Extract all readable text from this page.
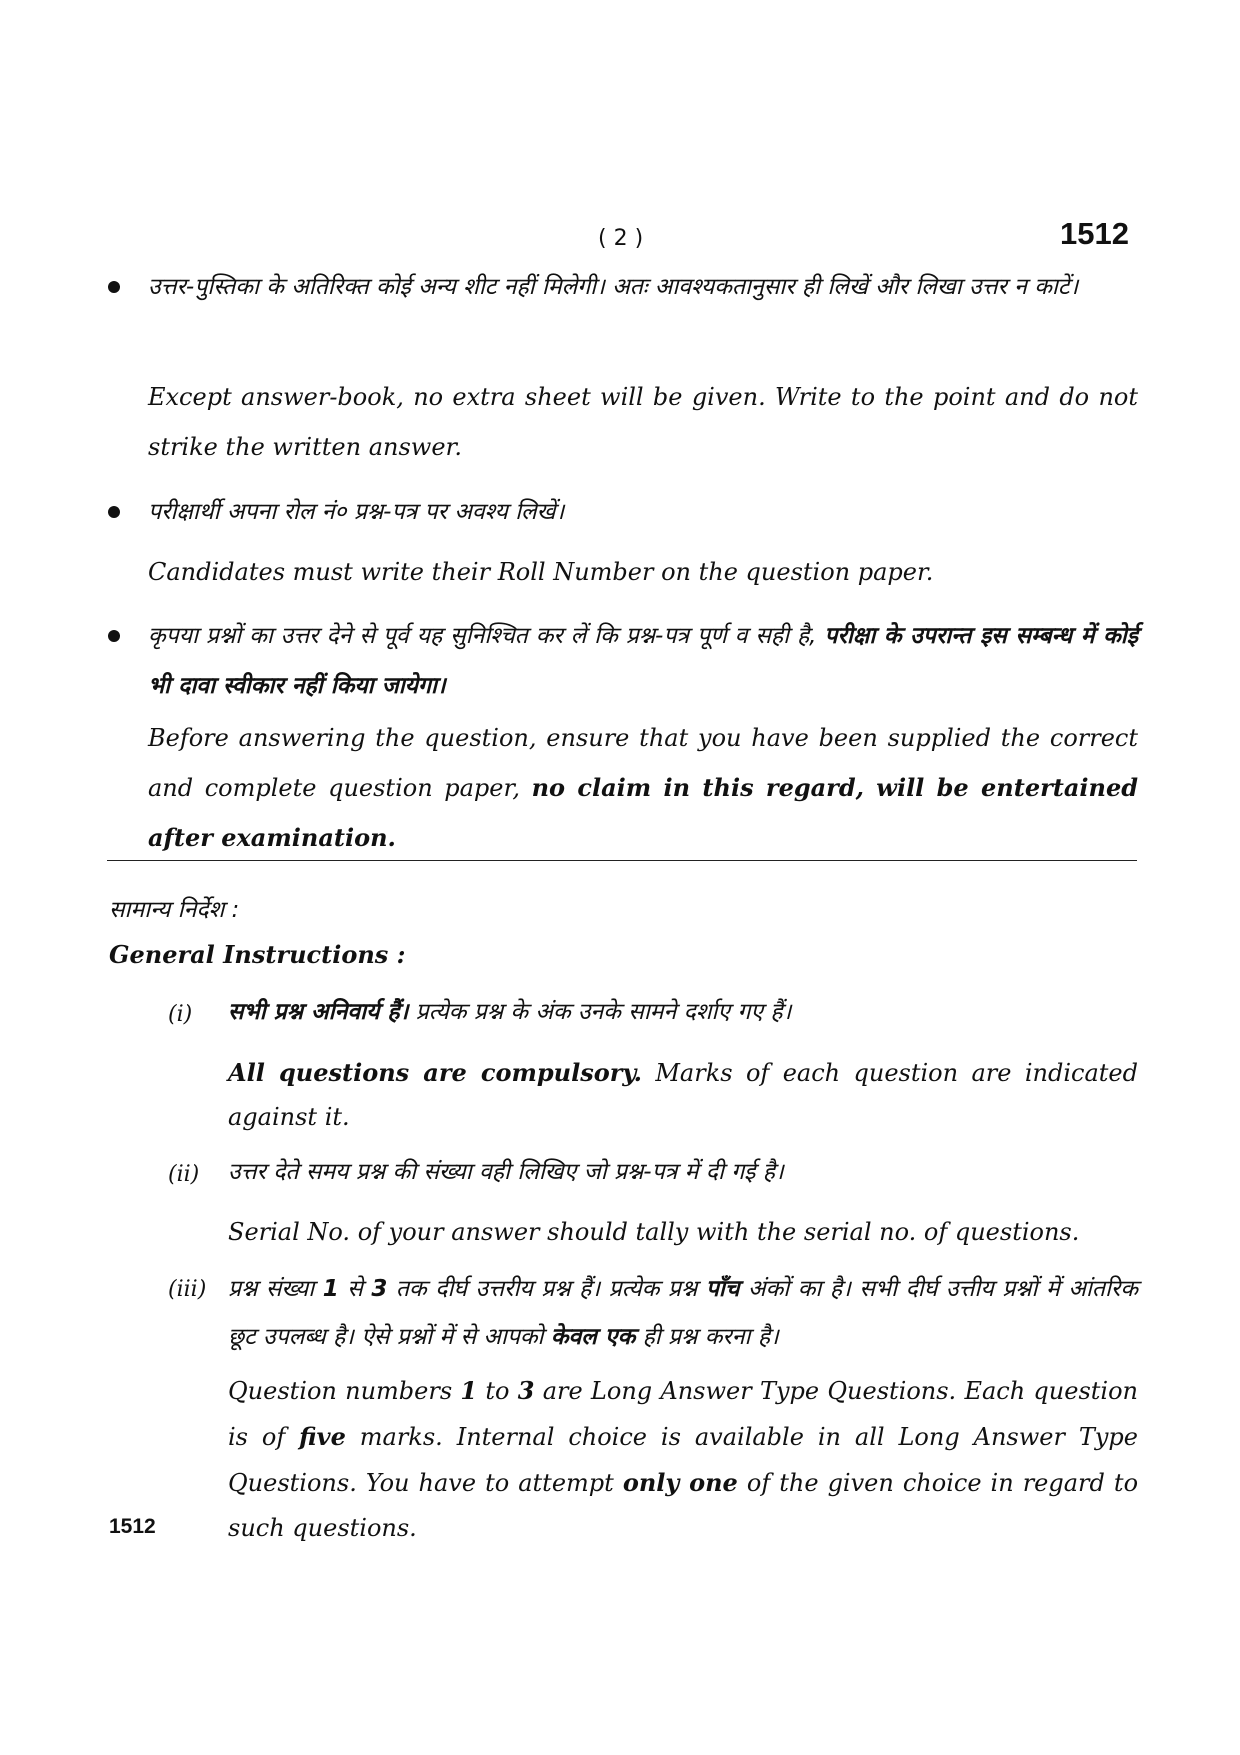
( 2 )	1512
उत्तर-पुस्तिका के अतिरिक्त कोई अन्य शीट नहीं मिलेगी। अतः आवश्यकतानुसार ही लिखें और लिखा उत्तर न काटें।
Except answer-book, no extra sheet will be given. Write to the point and do not strike the written answer.
परीक्षार्थी अपना रोल नं० प्रश्न-पत्र पर अवश्य लिखें।
Candidates must write their Roll Number on the question paper.
कृपया प्रश्नों का उत्तर देने से पूर्व यह सुनिश्चित कर लें कि प्रश्न-पत्र पूर्ण व सही है, परीक्षा के उपरान्त इस सम्बन्ध में कोई भी दावा स्वीकार नहीं किया जायेगा।
Before answering the question, ensure that you have been supplied the correct and complete question paper, no claim in this regard, will be entertained after examination.
सामान्य निर्देश :
General Instructions :
(i) सभी प्रश्न अनिवार्य हैं। प्रत्येक प्रश्न के अंक उनके सामने दर्शाए गए हैं।
All questions are compulsory. Marks of each question are indicated against it.
(ii) उत्तर देते समय प्रश्न की संख्या वही लिखिए जो प्रश्न-पत्र में दी गई है।
Serial No. of your answer should tally with the serial no. of questions.
(iii) प्रश्न संख्या 1 से 3 तक दीर्घ उत्तरीय प्रश्न हैं। प्रत्येक प्रश्न पाँच अंकों का है। सभी दीर्घ उत्तीय प्रश्नों में आंतरिक छूट उपलब्ध है। ऐसे प्रश्नों में से आपको केवल एक ही प्रश्न करना है।
Question numbers 1 to 3 are Long Answer Type Questions. Each question is of five marks. Internal choice is available in all Long Answer Type Questions. You have to attempt only one of the given choice in regard to such questions.
1512
